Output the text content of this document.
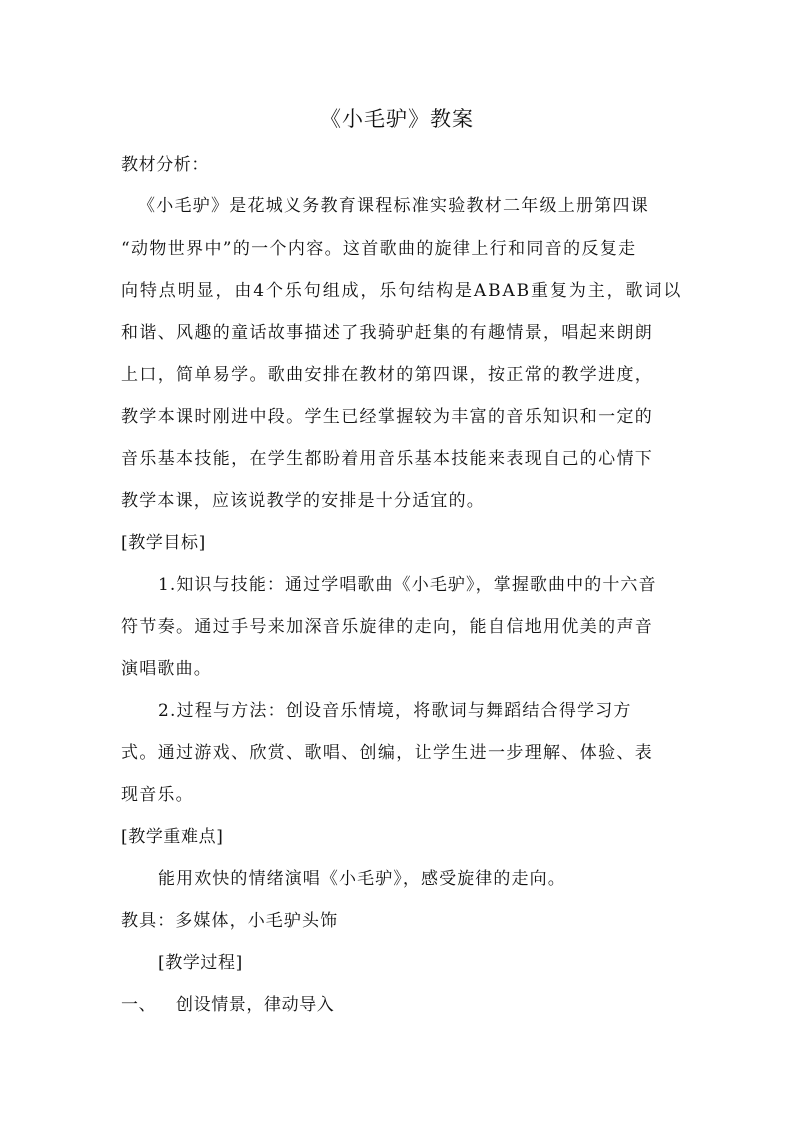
《小毛驴》教案
教材分析：
《小毛驴》是花城义务教育课程标准实验教材二年级上册第四课
“动物世界中”的一个内容。这首歌曲的旋律上行和同音的反复走
向特点明显，由4个乐句组成，乐句结构是ABAB重复为主，歌词以
和谐、风趣的童话故事描述了我骑驴赶集的有趣情景，唱起来朗朗
上口，简单易学。歌曲安排在教材的第四课，按正常的教学进度，
教学本课时刚进中段。学生已经掌握较为丰富的音乐知识和一定的
音乐基本技能，在学生都盼着用音乐基本技能来表现自己的心情下
教学本课，应该说教学的安排是十分适宜的。
[教学目标]
1.知识与技能：通过学唱歌曲《小毛驴》，掌握歌曲中的十六音
符节奏。通过手号来加深音乐旋律的走向，能自信地用优美的声音
演唱歌曲。
2.过程与方法：创设音乐情境，将歌词与舞蹈结合得学习方
式。通过游戏、欣赏、歌唱、创编，让学生进一步理解、体验、表
现音乐。
[教学重难点]
能用欢快的情绪演唱《小毛驴》，感受旋律的走向。
教具：多媒体，小毛驴头饰
[教学过程]
一、 创设情景，律动导入
